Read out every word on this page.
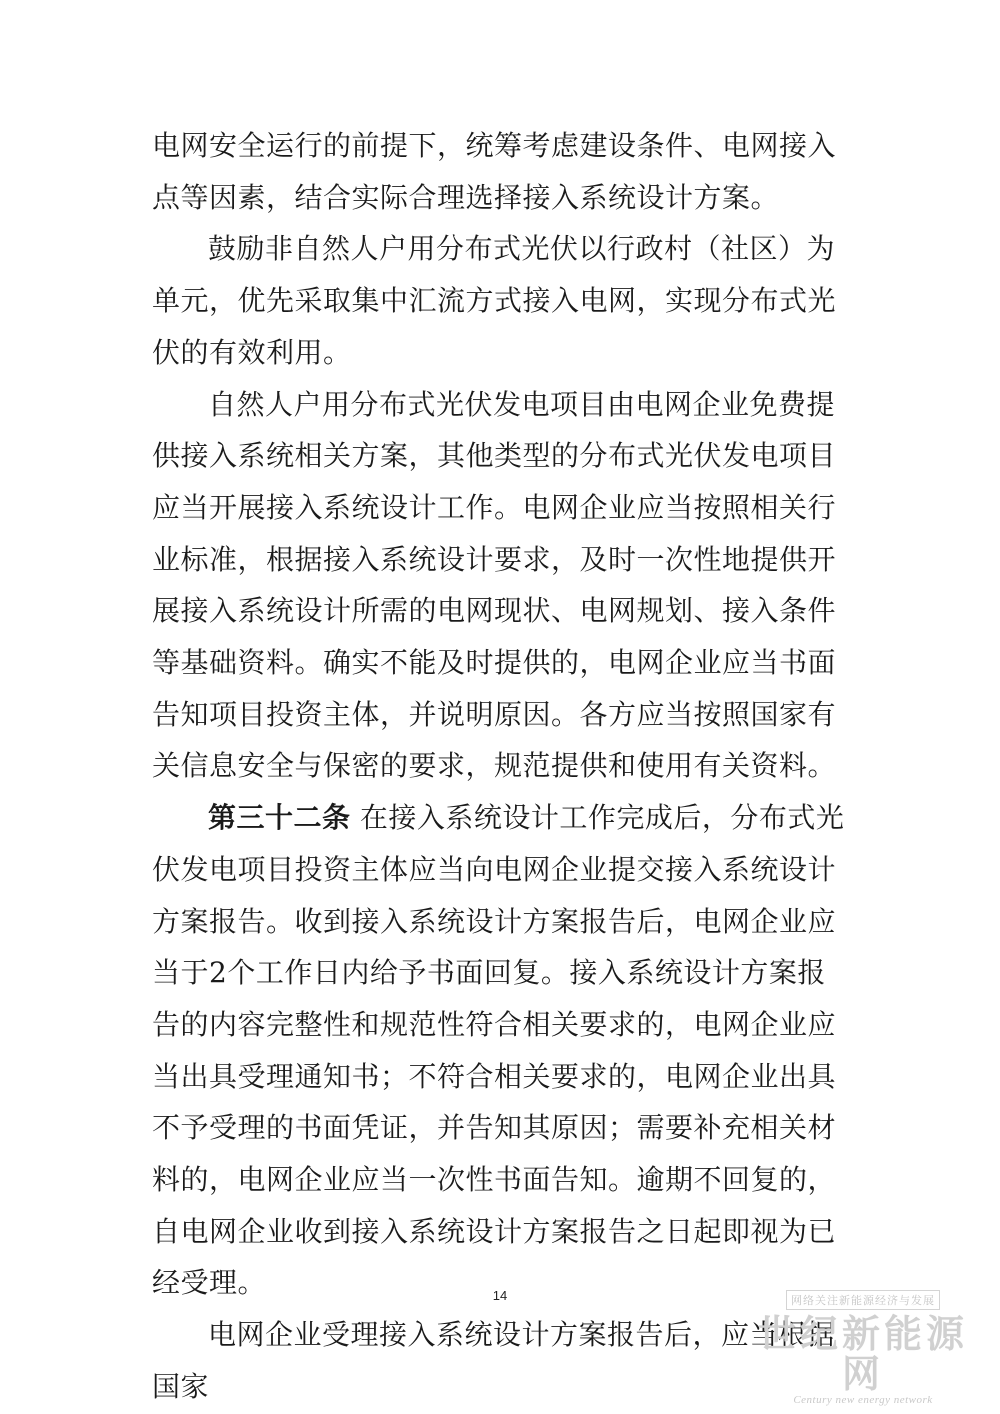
电网安全运行的前提下，统筹考虑建设条件、电网接入点等因素，结合实际合理选择接入系统设计方案。

鼓励非自然人户用分布式光伏以行政村（社区）为单元，优先采取集中汇流方式接入电网，实现分布式光伏的有效利用。

自然人户用分布式光伏发电项目由电网企业免费提供接入系统相关方案，其他类型的分布式光伏发电项目应当开展接入系统设计工作。电网企业应当按照相关行业标准，根据接入系统设计要求，及时一次性地提供开展接入系统设计所需的电网现状、电网规划、接入条件等基础资料。确实不能及时提供的，电网企业应当书面告知项目投资主体，并说明原因。各方应当按照国家有关信息安全与保密的要求，规范提供和使用有关资料。

第三十二条 在接入系统设计工作完成后，分布式光伏发电项目投资主体应当向电网企业提交接入系统设计方案报告。收到接入系统设计方案报告后，电网企业应当于2个工作日内给予书面回复。接入系统设计方案报告的内容完整性和规范性符合相关要求的，电网企业应当出具受理通知书；不符合相关要求的，电网企业出具不予受理的书面凭证，并告知其原因；需要补充相关材料的，电网企业应当一次性书面告知。逾期不回复的，自电网企业收到接入系统设计方案报告之日起即视为已经受理。

电网企业受理接入系统设计方案报告后，应当根据国家

14	网络关注新能源经济与发展
世纪新能源网
Century new energy network
